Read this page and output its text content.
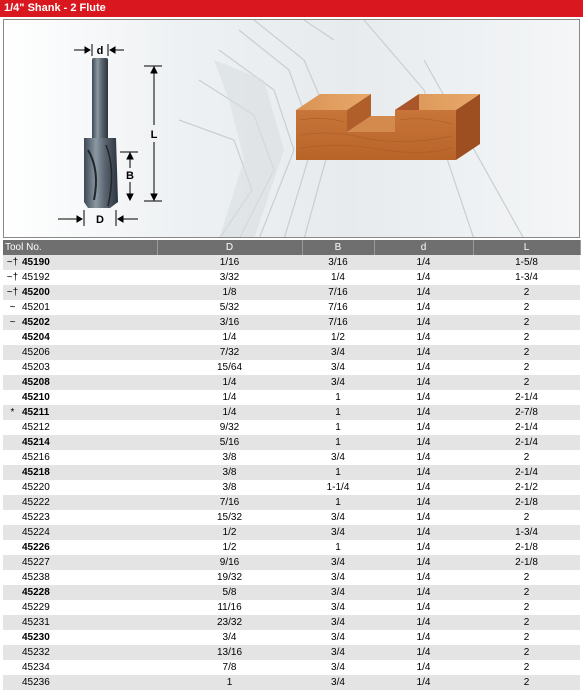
1/4" Shank - 2 Flute
d
L
B
D
Tool No.	D	B	d	L
~† 45190	1/16	3/16	1/4	1-5/8
~† 45192	3/32	1/4	1/4	1-3/4
~† 45200	1/8	7/16	1/4	2
~ 45201	5/32	7/16	1/4	2
~ 45202	3/16	7/16	1/4	2
45204	1/4	1/2	1/4	2
45206	7/32	3/4	1/4	2
45203	15/64	3/4	1/4	2
45208	1/4	3/4	1/4	2
45210	1/4	1	1/4	2-1/4
* 45211	1/4	1	1/4	2-7/8
45212	9/32	1	1/4	2-1/4
45214	5/16	1	1/4	2-1/4
45216	3/8	3/4	1/4	2
45218	3/8	1	1/4	2-1/4
45220	3/8	1-1/4	1/4	2-1/2
45222	7/16	1	1/4	2-1/8
45223	15/32	3/4	1/4	2
45224	1/2	3/4	1/4	1-3/4
45226	1/2	1	1/4	2-1/8
45227	9/16	3/4	1/4	2-1/8
45238	19/32	3/4	1/4	2
45228	5/8	3/4	1/4	2
45229	11/16	3/4	1/4	2
45231	23/32	3/4	1/4	2
45230	3/4	3/4	1/4	2
45232	13/16	3/4	1/4	2
45234	7/8	3/4	1/4	2
45236	1	3/4	1/4	2
